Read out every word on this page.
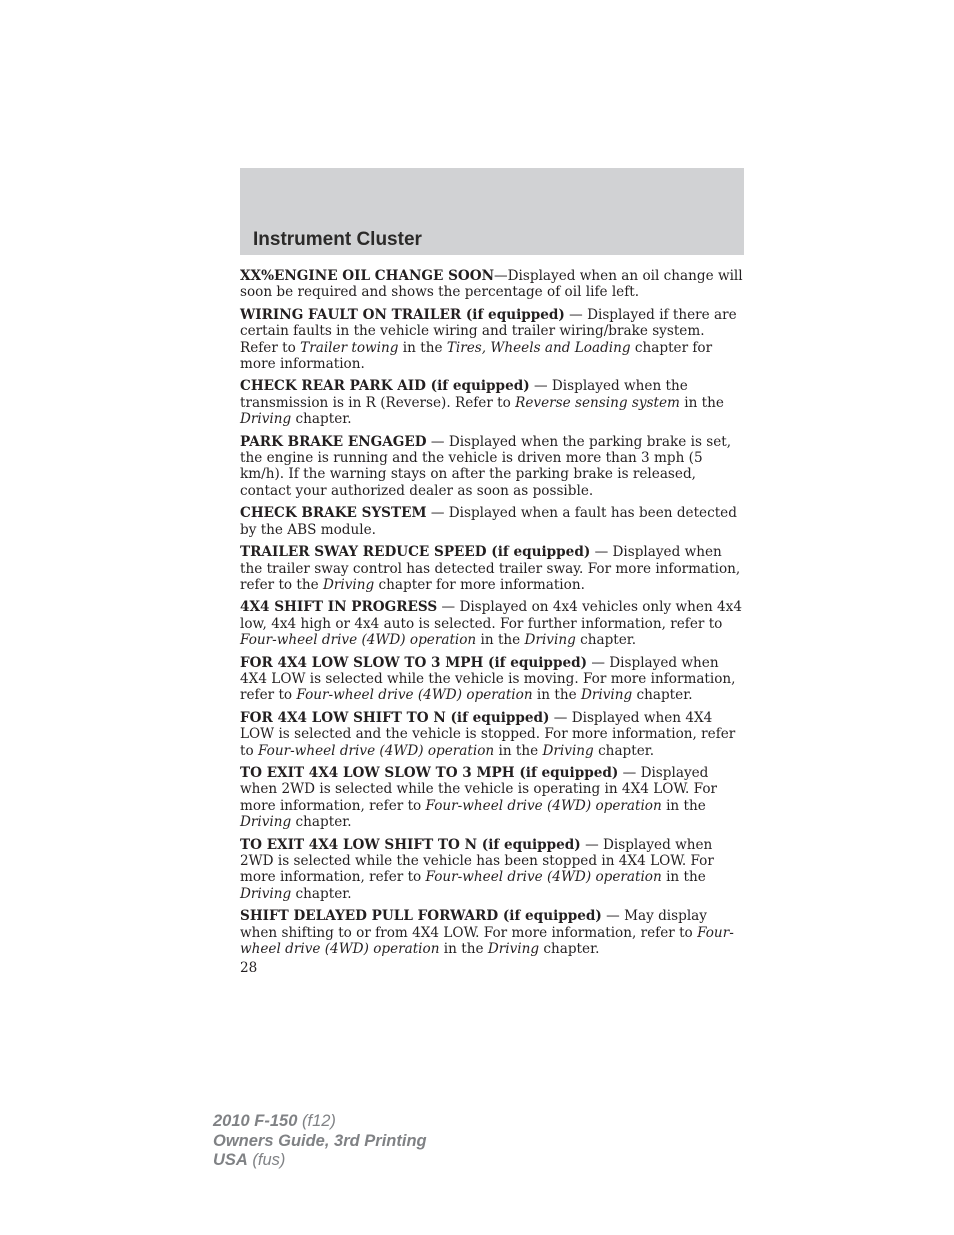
Instrument Cluster

XX%ENGINE OIL CHANGE SOON—Displayed when an oil change will soon be required and shows the percentage of oil life left.

WIRING FAULT ON TRAILER (if equipped) — Displayed if there are certain faults in the vehicle wiring and trailer wiring/brake system. Refer to Trailer towing in the Tires, Wheels and Loading chapter for more information.

CHECK REAR PARK AID (if equipped) — Displayed when the transmission is in R (Reverse). Refer to Reverse sensing system in the Driving chapter.

PARK BRAKE ENGAGED — Displayed when the parking brake is set, the engine is running and the vehicle is driven more than 3 mph (5 km/h). If the warning stays on after the parking brake is released, contact your authorized dealer as soon as possible.

CHECK BRAKE SYSTEM — Displayed when a fault has been detected by the ABS module.

TRAILER SWAY REDUCE SPEED (if equipped) — Displayed when the trailer sway control has detected trailer sway. For more information, refer to the Driving chapter for more information.

4X4 SHIFT IN PROGRESS — Displayed on 4x4 vehicles only when 4x4 low, 4x4 high or 4x4 auto is selected. For further information, refer to Four-wheel drive (4WD) operation in the Driving chapter.

FOR 4X4 LOW SLOW TO 3 MPH (if equipped) — Displayed when 4X4 LOW is selected while the vehicle is moving. For more information, refer to Four-wheel drive (4WD) operation in the Driving chapter.

FOR 4X4 LOW SHIFT TO N (if equipped) — Displayed when 4X4 LOW is selected and the vehicle is stopped. For more information, refer to Four-wheel drive (4WD) operation in the Driving chapter.

TO EXIT 4X4 LOW SLOW TO 3 MPH (if equipped) — Displayed when 2WD is selected while the vehicle is operating in 4X4 LOW. For more information, refer to Four-wheel drive (4WD) operation in the Driving chapter.

TO EXIT 4X4 LOW SHIFT TO N (if equipped) — Displayed when 2WD is selected while the vehicle has been stopped in 4X4 LOW. For more information, refer to Four-wheel drive (4WD) operation in the Driving chapter.

SHIFT DELAYED PULL FORWARD (if equipped) — May display when shifting to or from 4X4 LOW. For more information, refer to Four-wheel drive (4WD) operation in the Driving chapter.

28
2010 F-150 (f12)
Owners Guide, 3rd Printing
USA (fus)
